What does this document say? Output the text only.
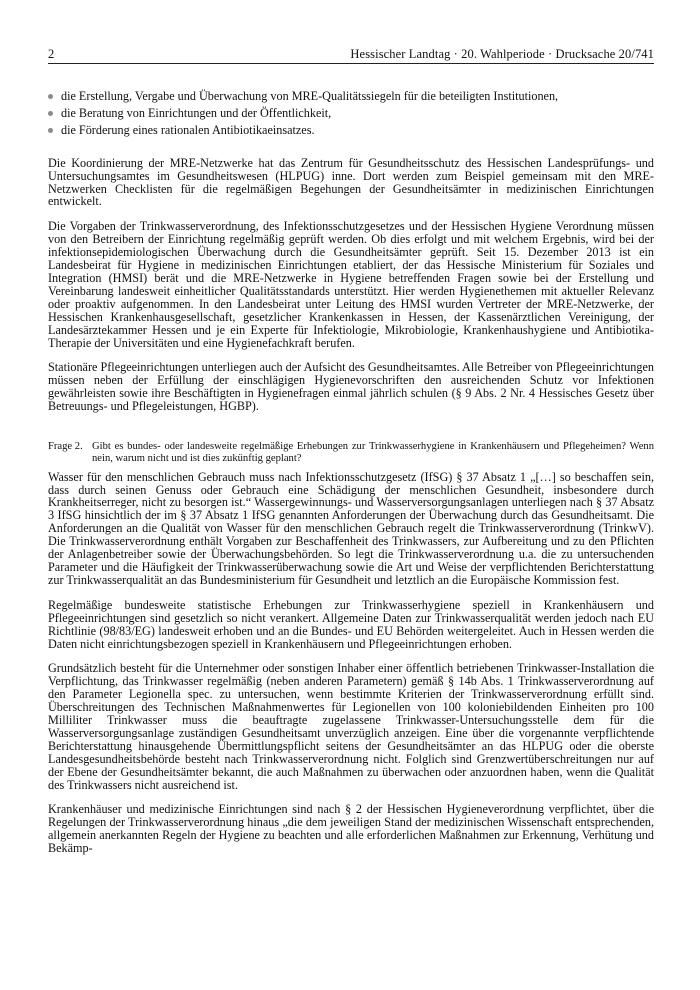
2	Hessischer Landtag · 20. Wahlperiode · Drucksache 20/741
die Erstellung, Vergabe und Überwachung von MRE-Qualitätssiegeln für die beteiligten Institutionen,
die Beratung von Einrichtungen und der Öffentlichkeit,
die Förderung eines rationalen Antibiotikaeinsatzes.

Die Koordinierung der MRE-Netzwerke hat das Zentrum für Gesundheitsschutz des Hessischen Landesprüfungs- und Untersuchungsamtes im Gesundheitswesen (HLPUG) inne. Dort werden zum Beispiel gemeinsam mit den MRE-Netzwerken Checklisten für die regelmäßigen Begehungen der Gesundheitsämter in medizinischen Einrichtungen entwickelt.

Die Vorgaben der Trinkwasserverordnung, des Infektionsschutzgesetzes und der Hessischen Hygiene Verordnung müssen von den Betreibern der Einrichtung regelmäßig geprüft werden. Ob dies erfolgt und mit welchem Ergebnis, wird bei der infektionsepidemiologischen Überwachung durch die Gesundheitsämter geprüft. Seit 15. Dezember 2013 ist ein Landesbeirat für Hygiene in medizinischen Einrichtungen etabliert, der das Hessische Ministerium für Soziales und Integration (HMSI) berät und die MRE-Netzwerke in Hygiene betreffenden Fragen sowie bei der Erstellung und Vereinbarung landesweit einheitlicher Qualitätsstandards unterstützt. Hier werden Hygienethemen mit aktueller Relevanz oder proaktiv aufgenommen. In den Landesbeirat unter Leitung des HMSI wurden Vertreter der MRE-Netzwerke, der Hessischen Krankenhausgesellschaft, gesetzlicher Krankenkassen in Hessen, der Kassenärztlichen Vereinigung, der Landesärztekammer Hessen und je ein Experte für Infektiologie, Mikrobiologie, Krankenhaushygiene und Antibiotika-Therapie der Universitäten und eine Hygienefachkraft berufen.

Stationäre Pflegeeinrichtungen unterliegen auch der Aufsicht des Gesundheitsamtes. Alle Betreiber von Pflegeeinrichtungen müssen neben der Erfüllung der einschlägigen Hygienevorschriften den ausreichenden Schutz vor Infektionen gewährleisten sowie ihre Beschäftigten in Hygienefragen einmal jährlich schulen (§ 9 Abs. 2 Nr. 4 Hessisches Gesetz über Betreuungs- und Pflegeleistungen, HGBP).

Frage 2. Gibt es bundes- oder landesweite regelmäßige Erhebungen zur Trinkwasserhygiene in Krankenhäusern und Pflegeheimen? Wenn nein, warum nicht und ist dies zukünftig geplant?

Wasser für den menschlichen Gebrauch muss nach Infektionsschutzgesetz (IfSG) § 37 Absatz 1 „[…] so beschaffen sein, dass durch seinen Genuss oder Gebrauch eine Schädigung der menschlichen Gesundheit, insbesondere durch Krankheitserreger, nicht zu besorgen ist.“ Wassergewinnungs- und Wasserversorgungsanlagen unterliegen nach § 37 Absatz 3 IfSG hinsichtlich der im § 37 Absatz 1 IfSG genannten Anforderungen der Überwachung durch das Gesundheitsamt. Die Anforderungen an die Qualität von Wasser für den menschlichen Gebrauch regelt die Trinkwasserverordnung (TrinkwV). Die Trinkwasserverordnung enthält Vorgaben zur Beschaffenheit des Trinkwassers, zur Aufbereitung und zu den Pflichten der Anlagenbetreiber sowie der Überwachungsbehörden. So legt die Trinkwasserverordnung u.a. die zu untersuchenden Parameter und die Häufigkeit der Trinkwasserüberwachung sowie die Art und Weise der verpflichtenden Berichterstattung zur Trinkwasserqualität an das Bundesministerium für Gesundheit und letztlich an die Europäische Kommission fest.

Regelmäßige bundesweite statistische Erhebungen zur Trinkwasserhygiene speziell in Krankenhäusern und Pflegeeinrichtungen sind gesetzlich so nicht verankert. Allgemeine Daten zur Trinkwasserqualität werden jedoch nach EU Richtlinie (98/83/EG) landesweit erhoben und an die Bundes- und EU Behörden weitergeleitet. Auch in Hessen werden die Daten nicht einrichtungsbezogen speziell in Krankenhäusern und Pflegeeinrichtungen erhoben.

Grundsätzlich besteht für die Unternehmer oder sonstigen Inhaber einer öffentlich betriebenen Trinkwasser-Installation die Verpflichtung, das Trinkwasser regelmäßig (neben anderen Parametern) gemäß § 14b Abs. 1 Trinkwasserverordnung auf den Parameter Legionella spec. zu untersuchen, wenn bestimmte Kriterien der Trinkwasserverordnung erfüllt sind. Überschreitungen des Technischen Maßnahmenwertes für Legionellen von 100 koloniebildenden Einheiten pro 100 Milliliter Trinkwasser muss die beauftragte zugelassene Trinkwasser-Untersuchungsstelle dem für die Wasserversorgungsanlage zuständigen Gesundheitsamt unverzüglich anzeigen. Eine über die vorgenannte verpflichtende Berichterstattung hinausgehende Übermittlungspflicht seitens der Gesundheitsämter an das HLPUG oder die oberste Landesgesundheitsbehörde besteht nach Trinkwasserverordnung nicht. Folglich sind Grenzwertüberschreitungen nur auf der Ebene der Gesundheitsämter bekannt, die auch Maßnahmen zu überwachen oder anzuordnen haben, wenn die Qualität des Trinkwassers nicht ausreichend ist.

Krankenhäuser und medizinische Einrichtungen sind nach § 2 der Hessischen Hygieneverordnung verpflichtet, über die Regelungen der Trinkwasserverordnung hinaus „die dem jeweiligen Stand der medizinischen Wissenschaft entsprechenden, allgemein anerkannten Regeln der Hygiene zu beachten und alle erforderlichen Maßnahmen zur Erkennung, Verhütung und Bekämp-
